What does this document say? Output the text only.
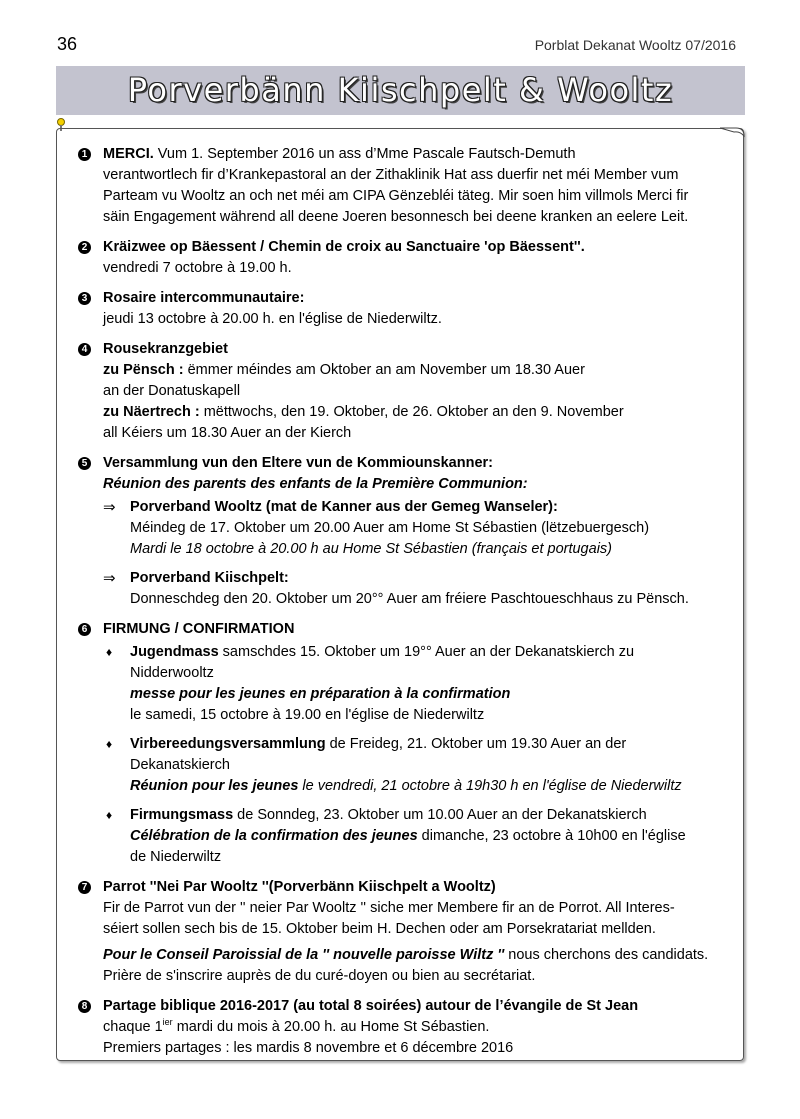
36	Porblat Dekanat Wooltz 07/2016
Porverbänn Kiischpelt & Wooltz
1 MERCI. Vum 1. September 2016 un ass d’Mme Pascale Fautsch-Demuth
verantwortlech fir d’Krankepastoral an der Zithaklinik Hat ass duerfir net méi Member vum
Parteam vu Wooltz an och net méi am CIPA Gënzebléi täteg. Mir soen him villmols Merci fir
säin Engagement während all deene Joeren besonnesch bei deene kranken an eelere Leit.
2 Kräizwee op Bäessent / Chemin de croix au Sanctuaire 'op Bäessent''.
vendredi 7 octobre à 19.00 h.
3 Rosaire intercommunautaire:
jeudi 13 octobre à 20.00 h. en l'église de Niederwiltz.
4 Rousekranzgebiet
zu Pënsch : ëmmer méindes am Oktober an am November um 18.30 Auer
an der Donatuskapell
zu Näertrech : mëttwochs, den 19. Oktober, de 26. Oktober an den 9. November
all Kéiers um 18.30 Auer an der Kierch
5 Versammlung vun den Eltere vun de Kommiounskanner:
Réunion des parents des enfants de la Première Communion:
⇒ Porverband Wooltz (mat de Kanner aus der Gemeg Wanseler):
Méindeg de 17. Oktober um 20.00 Auer am Home St Sébastien (lëtzebuergesch)
Mardi le 18 octobre à 20.00 h au Home St Sébastien (français et portugais)
⇒ Porverband Kiischpelt:
Donneschdeg den 20. Oktober um 20°° Auer am fréiere Paschtoueschhaus zu Pënsch.
6 FIRMUNG / CONFIRMATION
♦ Jugendmass samschdes 15. Oktober um 19°° Auer an der Dekanatskierch zu
Nidderwooltz
messe pour les jeunes en préparation à la confirmation
le samedi, 15 octobre à 19.00 en l'église de Niederwiltz
♦ Virbereedungsversammlung de Freideg, 21. Oktober um 19.30 Auer an der
Dekanatskierch
Réunion pour les jeunes le vendredi, 21 octobre à 19h30 h en l'église de Niederwiltz
♦ Firmungsmass de Sonndeg, 23. Oktober um 10.00 Auer an der Dekanatskierch
Célébration de la confirmation des jeunes dimanche, 23 octobre à 10h00 en l'église
de Niederwiltz
7 Parrot ''Nei Par Wooltz ''(Porverbänn Kiischpelt a Wooltz)
Fir de Parrot vun der '' neier Par Wooltz '' siche mer Membere fir an de Porrot. All Interes-
séiert sollen sech bis de 15. Oktober beim H. Dechen oder am Porsekratariat mellden.
Pour le Conseil Paroissial de la '' nouvelle paroisse Wiltz '' nous cherchons des candidats.
Prière de s'inscrire auprès de du curé-doyen ou bien au secrétariat.
8 Partage biblique 2016-2017 (au total 8 soirées) autour de l’évangile de St Jean
chaque $1^{ier}$ mardi du mois à 20.00 h. au Home St Sébastien.
Premiers partages : les mardis 8 novembre et 6 décembre 2016
